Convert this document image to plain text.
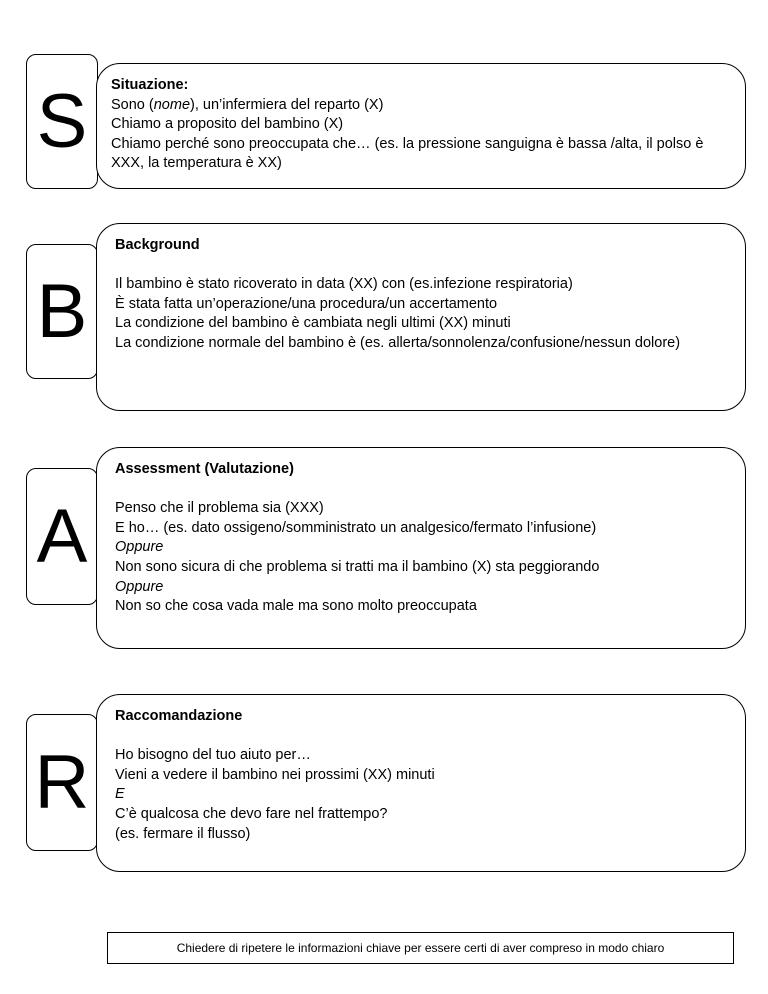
S	Situazione:

Sono (nome), un’infermiera del reparto (X)

Chiamo a proposito del bambino (X)

Chiamo perché sono preoccupata che… (es. la pressione sanguigna è bassa /alta, il polso è XXX, la temperatura è XX)

B

Background

Il bambino è stato ricoverato in data (XX) con (es.infezione respiratoria)

È stata fatta un’operazione/una procedura/un accertamento

La condizione del bambino è cambiata negli ultimi (XX) minuti

La condizione normale del bambino è (es. allerta/sonnolenza/confusione/nessun dolore)

A

Assessment (Valutazione)

Penso che il problema sia (XXX)

E ho… (es. dato ossigeno/somministrato un analgesico/fermato l’infusione)

Oppure

Non sono sicura di che problema si tratti ma il bambino (X) sta peggiorando

Oppure

Non so che cosa vada male ma sono molto preoccupata

R

Raccomandazione

Ho bisogno del tuo aiuto per…

Vieni a vedere il bambino nei prossimi (XX) minuti

E

C’è qualcosa che devo fare nel frattempo?

(es. fermare il flusso)

Chiedere di ripetere le informazioni chiave per essere certi di aver compreso in modo chiaro
